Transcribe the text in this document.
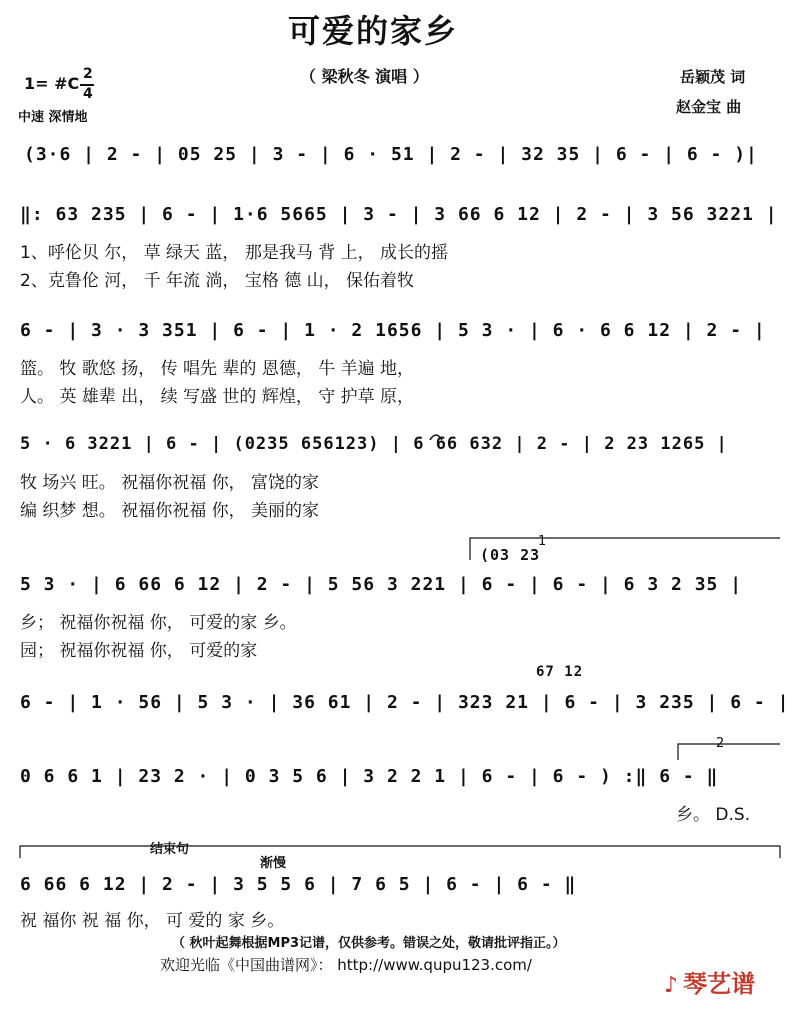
可爱的家乡
（ 梁秋冬 演唱 ）
1= #C 2
4
中速 深情地
岳颖茂 词
赵金宝 曲
(3·6 | 2 - | 05 25 | 3 - | 6 · 51 | 2 - | 32 35 | 6 - | 6 - )|
‖: 63 235 | 6 - | 1·6 5665 | 3 - | 3 66 6 12 | 2 - | 3 56 3221 |
1、呼伦贝 尔， 草 绿天 蓝， 那是我马 背 上， 成长的摇
2、克鲁伦 河， 千 年流 淌， 宝格 德 山， 保佑着牧
6 - | 3 · 3 351 | 6 - | 1 · 2 1656 | 5 3 · | 6 · 6 6 12 | 2 - |
篮。 牧 歌悠 扬， 传 唱先 辈的 恩德， 牛 羊遍 地，
人。 英 雄辈 出， 续 写盛 世的 辉煌， 守 护草 原，
5 · 6 3221 | 6 - | (0235 656123) | 6 66 632 | 2 - | 2 23 1265 |
牧 场兴 旺。 祝福你祝福 你， 富饶的家
编 织梦 想。 祝福你祝福 你， 美丽的家
1
(03 23
5 3 · | 6 66 6 12 | 2 - | 5 56 3 221 | 6 - | 6 - | 6 3 2 35 |
乡； 祝福你祝福 你， 可爱的家 乡。
园； 祝福你祝福 你， 可爱的家
67 12
6 - | 1 · 56 | 5 3 · | 36 61 | 2 - | 323 21 | 6 - | 3 235 | 6 - |
2
0 6 6 1 | 23 2 · | 0 3 5 6 | 3 2 2 1 | 6 - | 6 - ) :‖ 6 - ‖
乡。 D.S.
结束句
渐慢
6 66 6 12 | 2 - | 3 5 5 6 | 7 6 5 | 6 - | 6 - ‖
祝 福你 祝 福 你， 可 爱的 家 乡。
（ 秋叶起舞根据MP3记谱，仅供参考。错误之处，敬请批评指正。）
欢迎光临《中国曲谱网》： http://www.qupu123.com/
♪ 琴艺谱
